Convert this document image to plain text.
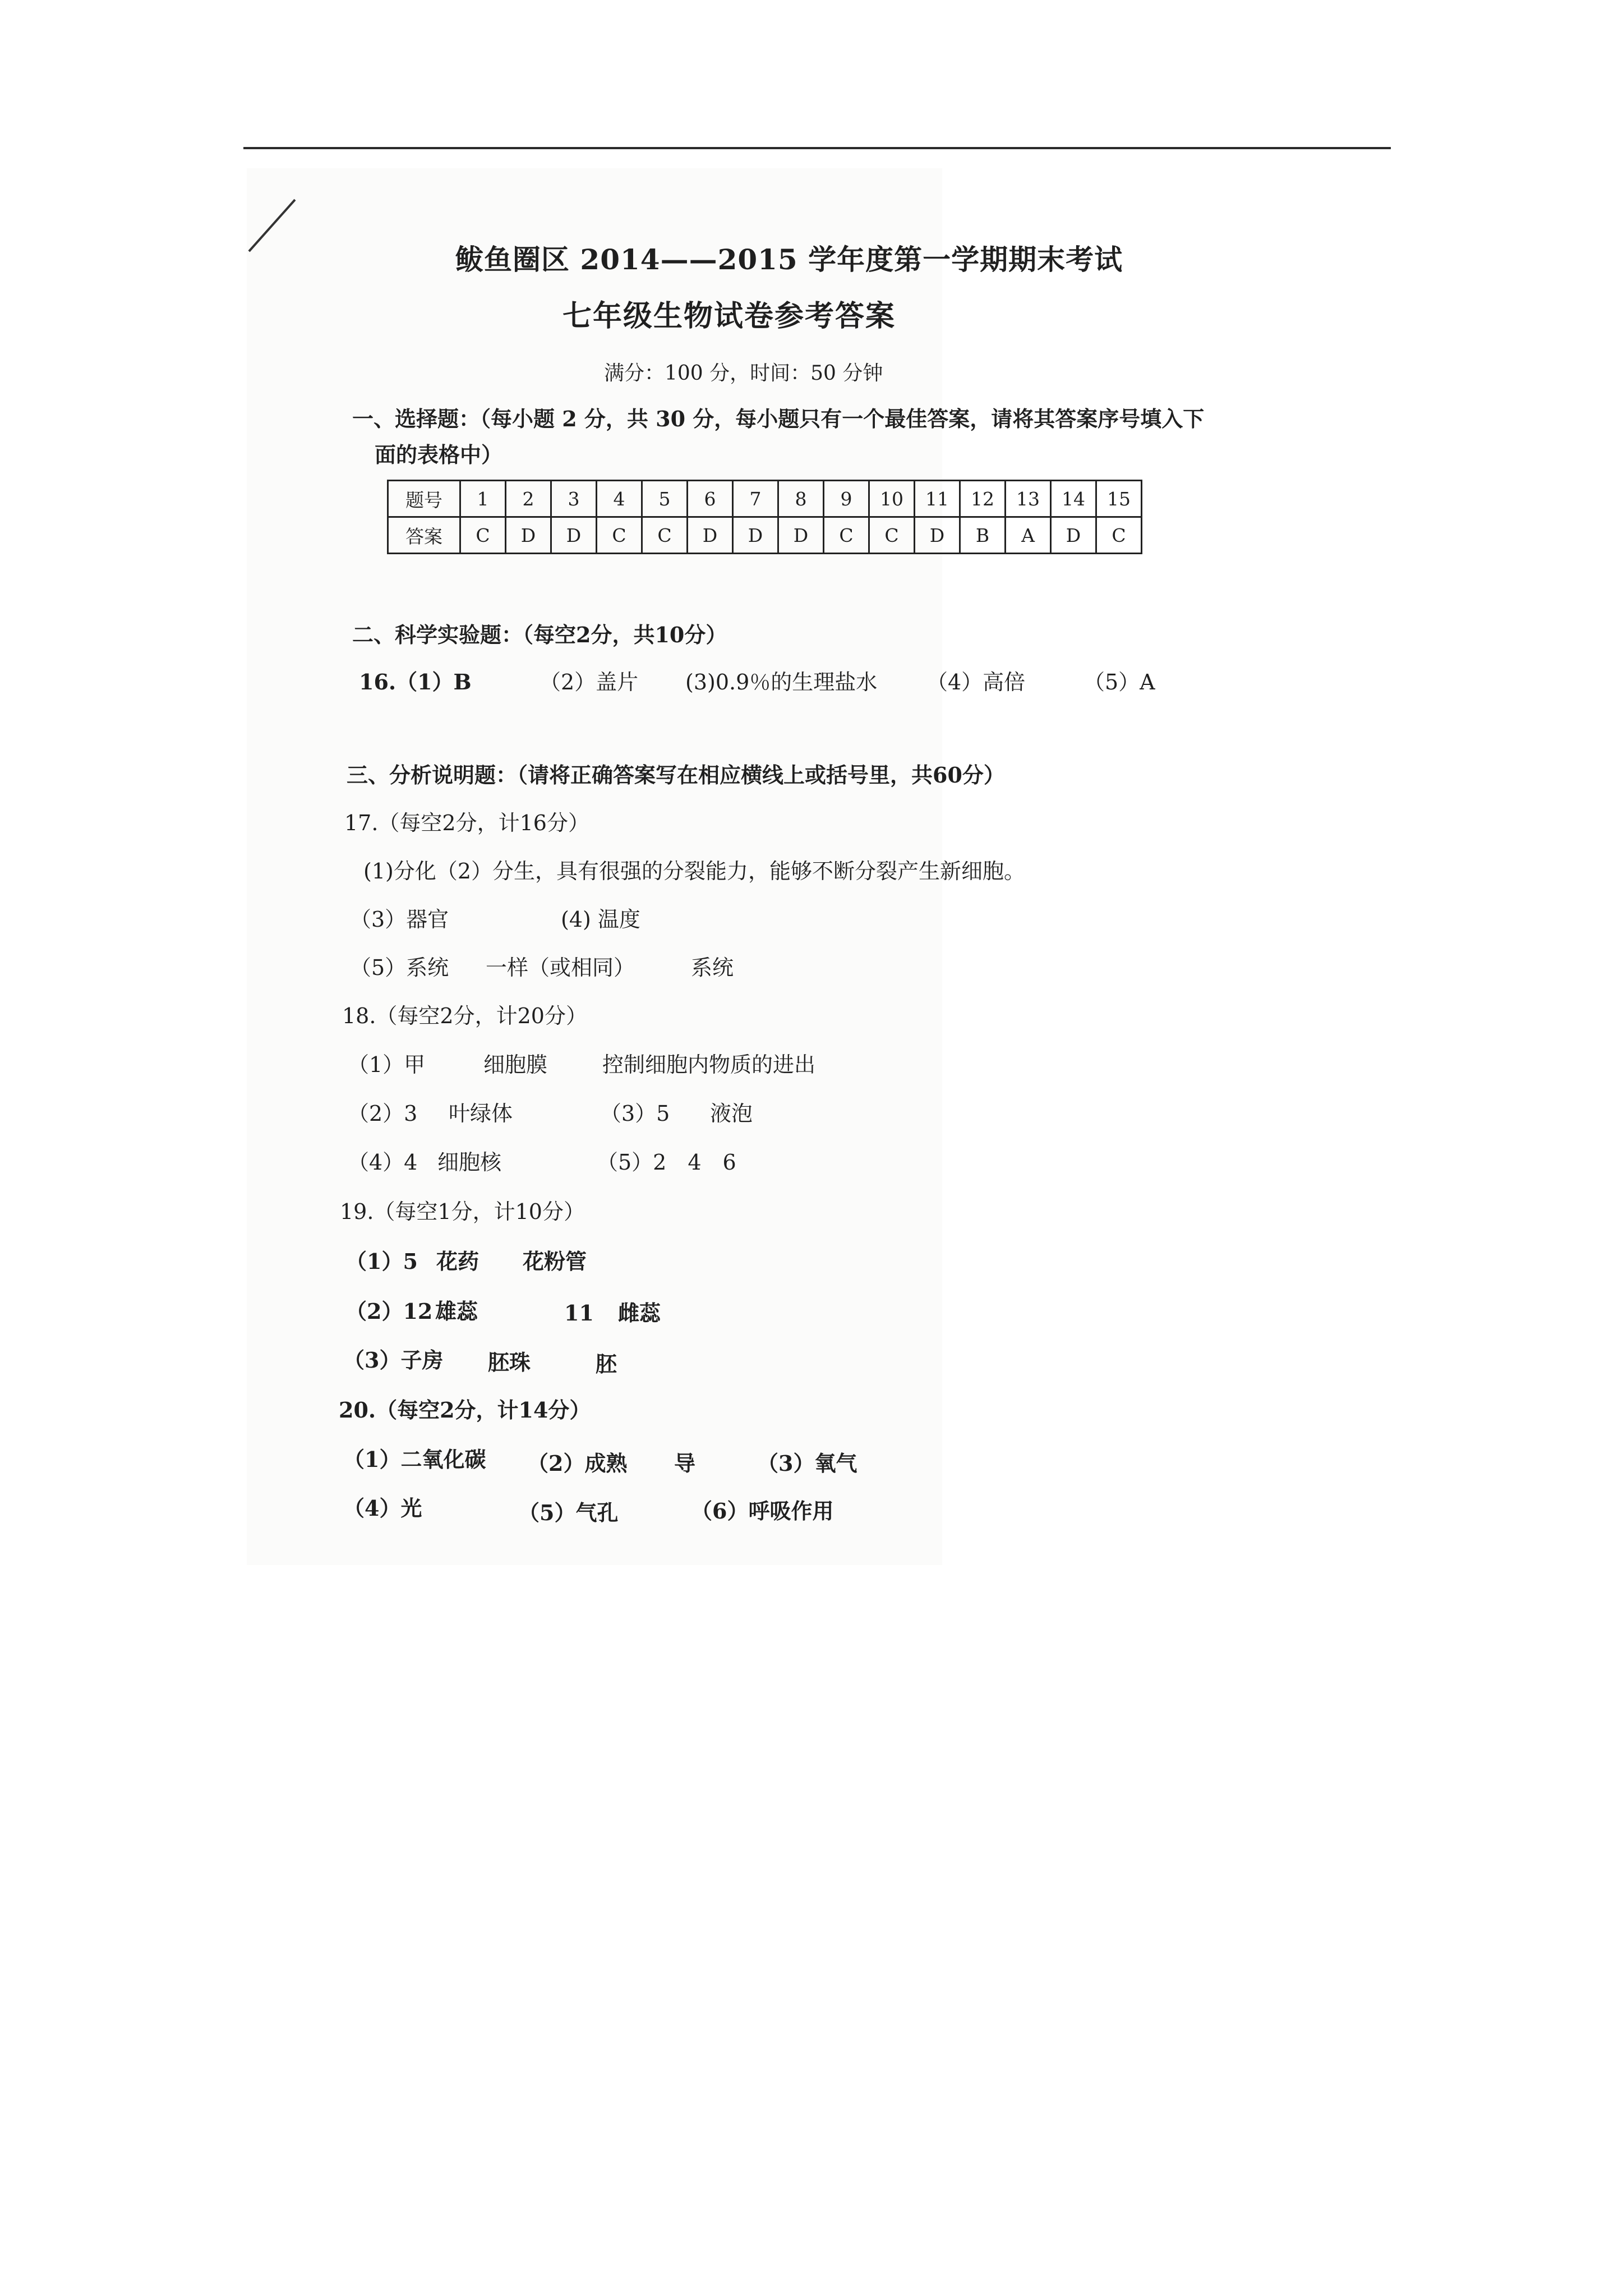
鲅鱼圈区 2014——2015 学年度第一学期期末考试
七年级生物试卷参考答案
满分：100 分，时间：50 分钟
一、选择题：（每小题 2 分，共 30 分，每小题只有一个最佳答案，请将其答案序号填入下
面的表格中）
题号	1	2	3	4	5	6	7	8	9	10	11	12	13	14	15
答案	C	D	D	C	C	D	D	D	C	C	D	B	A	D	C
二、科学实验题：（每空2分，共10分）
16.（1）B	（2）盖片 (3)0.9％的生理盐水 （4）高倍	（5）A
三、分析说明题：（请将正确答案写在相应横线上或括号里，共60分）
17.（每空2分，计16分）
(1)分化（2）分生，具有很强的分裂能力，能够不断分裂产生新细胞。
（3）器官	(4) 温度
（5）系统 一样（或相同）	系统
18.（每空2分，计20分）
（1）甲	细胞膜	控制细胞内物质的进出
（2）3 叶绿体	（3）5 液泡
（4）4 细胞核	（5）2　4　6
19.（每空1分，计10分）
（1）5 花药 花粉管
（2）12 雄蕊	11 雌蕊
（3）子房 胚珠	胚
20.（每空2分，计14分）
（1）二氧化碳 （2）成熟 导	（3）氧气
（4）光	（5）气孔	（6）呼吸作用
